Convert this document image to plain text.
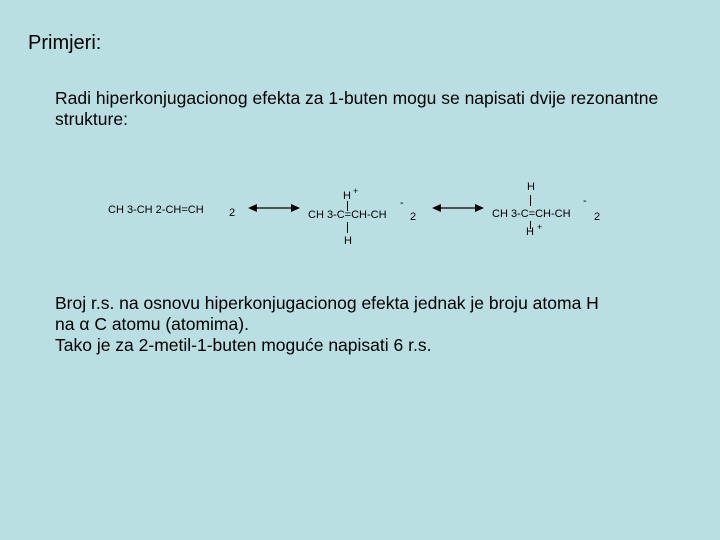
Primjeri:

Radi hiperkonjugacionog efekta za 1-buten mogu se napisati dvije rezonantne strukture:

CH 3-CH 2-CH=CH 2
H +
CH 3-C=CH-CH
-
2
H
H
CH 3-C=CH-CH
-
2
H +

Broj r.s. na osnovu hiperkonjugacionog efekta jednak je broju atoma H
na α C atomu (atomima).
Tako je za 2-metil-1-buten moguće napisati 6 r.s.
